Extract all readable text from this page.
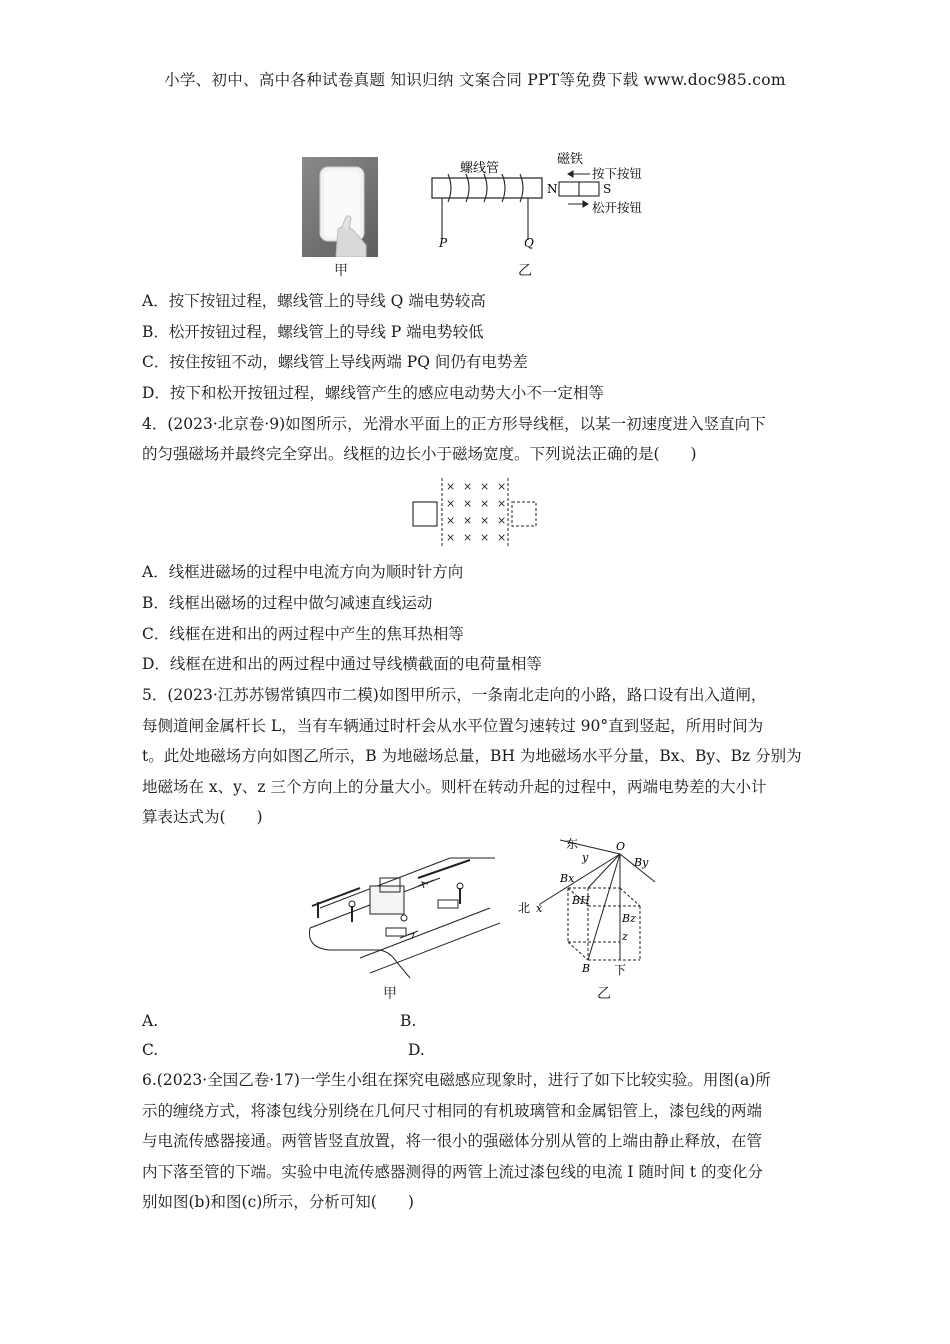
小学、初中、高中各种试卷真题 知识归纳 文案合同 PPT等免费下载 www.doc985.com
甲
螺线管
磁铁
P	Q
N	S
按下按钮
松开按钮
乙
A．按下按钮过程，螺线管上的导线 Q 端电势较高
B．松开按钮过程，螺线管上的导线 P 端电势较低
C．按住按钮不动，螺线管上导线两端 PQ 间仍有电势差
D．按下和松开按钮过程，螺线管产生的感应电动势大小不一定相等
4．(2023·北京卷·9)如图所示，光滑水平面上的正方形导线框，以某一初速度进入竖直向下
的匀强磁场并最终完全穿出。线框的边长小于磁场宽度。下列说法正确的是(　　)
× × × ×
× × × ×
× × × ×
× × × ×
A．线框进磁场的过程中电流方向为顺时针方向
B．线框出磁场的过程中做匀减速直线运动
C．线框在进和出的两过程中产生的焦耳热相等
D．线框在进和出的两过程中通过导线横截面的电荷量相等
5．(2023·江苏苏锡常镇四市二模)如图甲所示，一条南北走向的小路，路口设有出入道闸，
每侧道闸金属杆长 L，当有车辆通过时杆会从水平位置匀速转过 90°直到竖起，所用时间为
t。此处地磁场方向如图乙所示，B 为地磁场总量，BH 为地磁场水平分量，Bx、By、Bz 分别为
地磁场在 x、y、z 三个方向上的分量大小。则杆在转动升起的过程中，两端电势差的大小计
算表达式为(　　)
甲
东
y
O
By
Bx
北 x
BH
Bz
z
B 下
乙
A.	B.
C.	D.
6.(2023·全国乙卷·17)一学生小组在探究电磁感应现象时，进行了如下比较实验。用图(a)所
示的缠绕方式，将漆包线分别绕在几何尺寸相同的有机玻璃管和金属铝管上，漆包线的两端
与电流传感器接通。两管皆竖直放置，将一很小的强磁体分别从管的上端由静止释放，在管
内下落至管的下端。实验中电流传感器测得的两管上流过漆包线的电流 I 随时间 t 的变化分
别如图(b)和图(c)所示，分析可知(　　)
